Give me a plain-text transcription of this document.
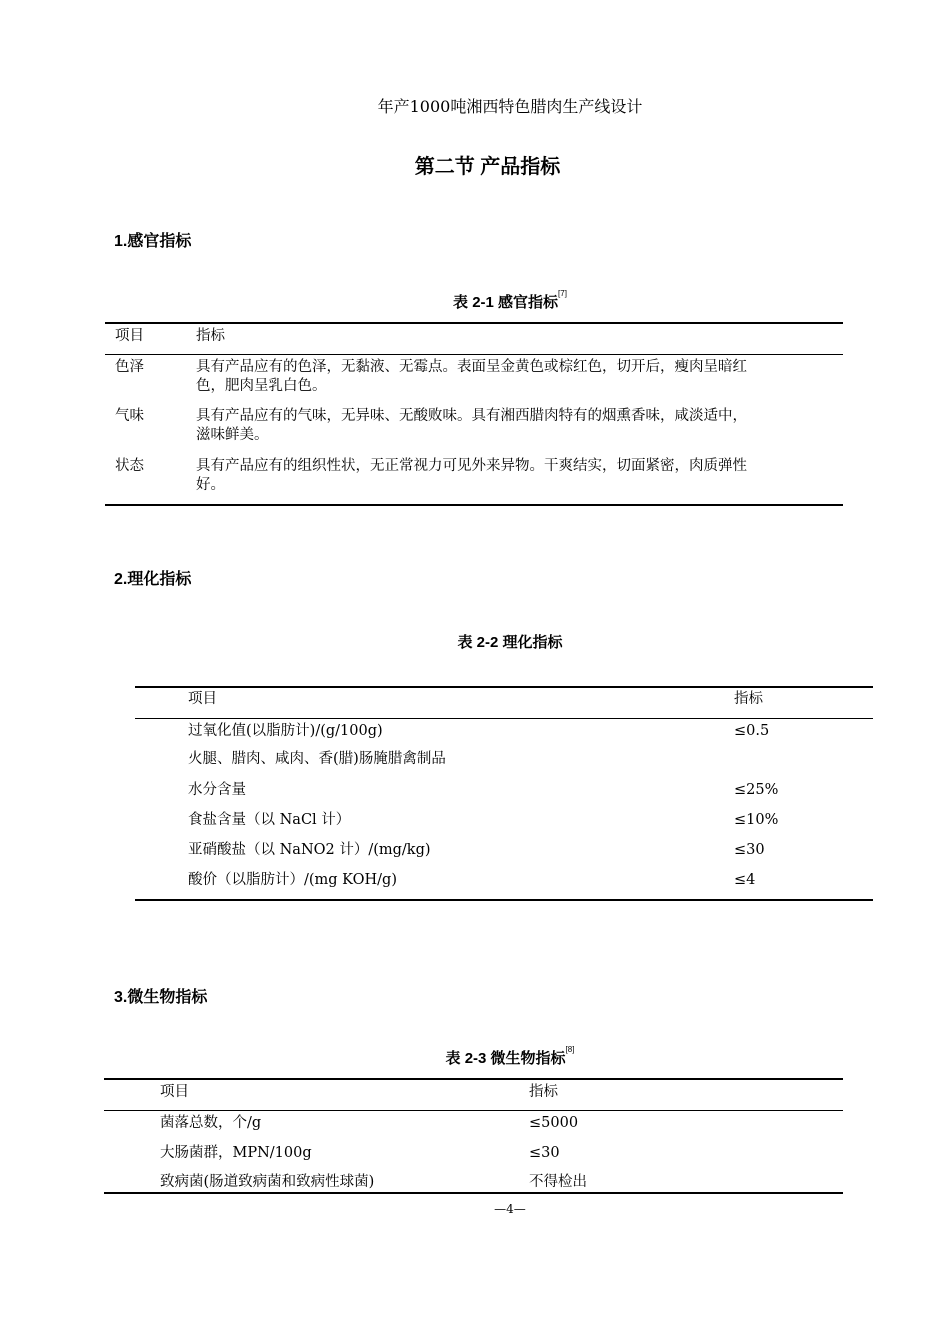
年产1000吨湘西特色腊肉生产线设计
第二节 产品指标
1.感官指标
表 2-1 感官指标[7]
项目	指标
色泽	具有产品应有的色泽，无黏液、无霉点。表面呈金黄色或棕红色，切开后，瘦肉呈暗红
色，肥肉呈乳白色。
气味	具有产品应有的气味，无异味、无酸败味。具有湘西腊肉特有的烟熏香味，咸淡适中，
滋味鲜美。
状态	具有产品应有的组织性状，无正常视力可见外来异物。干爽结实，切面紧密，肉质弹性
好。
2.理化指标
表 2-2 理化指标
项目	指标
过氧化值(以脂肪计)/(g/100g)	≤0.5
火腿、腊肉、咸肉、香(腊)肠腌腊禽制品
水分含量	≤25%
食盐含量（以 NaCl 计）	≤10%
亚硝酸盐（以 NaNO2 计）/(mg/kg)	≤30
酸价（以脂肪计）/(mg KOH/g)	≤4
3.微生物指标
表 2-3 微生物指标[8]
项目	指标
菌落总数，个/g	≤5000
大肠菌群，MPN/100g	≤30
致病菌(肠道致病菌和致病性球菌)	不得检出
—4—
